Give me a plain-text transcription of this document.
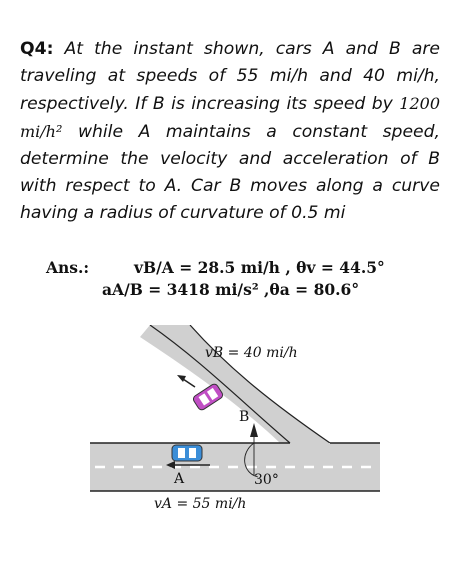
Q4: At the instant shown, cars A and B are traveling at speeds of 55 mi/h and 40 mi/h, respectively. If B is increasing its speed by 1200 mi/h² while A maintains a constant speed, determine the velocity and acceleration of B with respect to A. Car B moves along a curve having a radius of curvature of 0.5 mi
Ans.:	vB/A = 28.5 mi/h , θv = 44.5°
aA/B = 3418 mi/s² ,θa = 80.6°
vB = 40 mi/h
B
A	30°
vA = 55 mi/h
